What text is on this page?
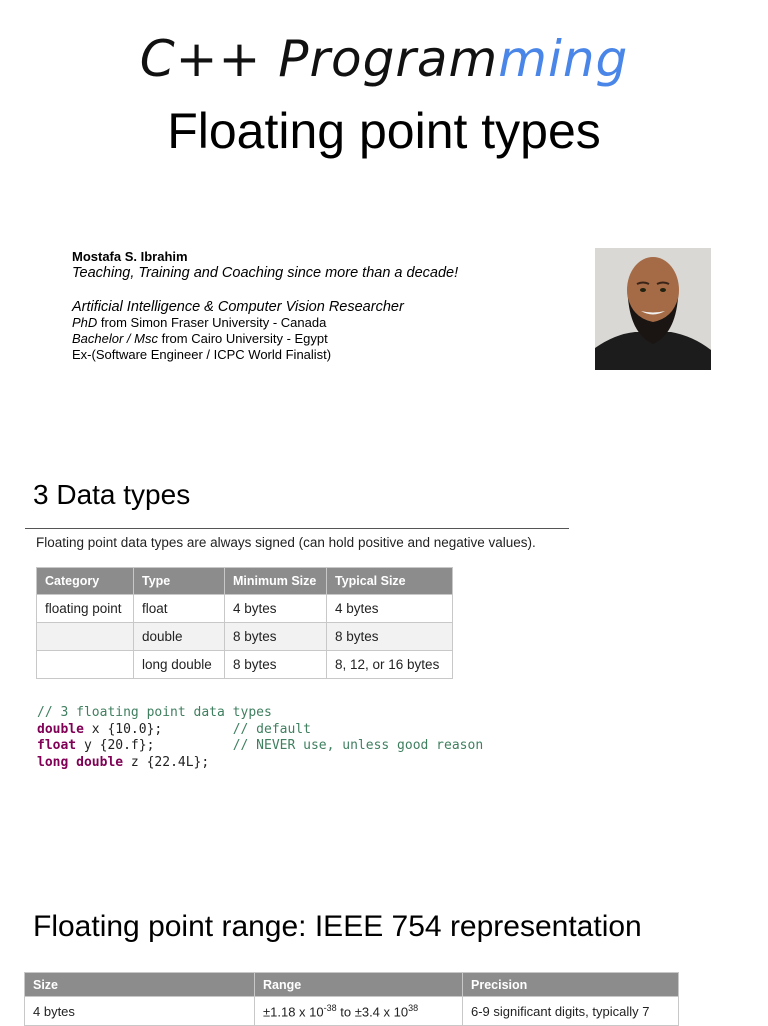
C++ Programming
Floating point types
Mostafa S. Ibrahim
Teaching, Training and Coaching since more than a decade!
Artificial Intelligence & Computer Vision Researcher
PhD from Simon Fraser University - Canada
Bachelor / Msc from Cairo University - Egypt
Ex-(Software Engineer / ICPC World Finalist)
3 Data types
Floating point data types are always signed (can hold positive and negative values).
Category	Type	Minimum Size	Typical Size
floating point	float	4 bytes	4 bytes
	double	8 bytes	8 bytes
	long double	8 bytes	8, 12, or 16 bytes
// 3 floating point data types
double x {10.0};         // default
float y {20.f};          // NEVER use, unless good reason
long double z {22.4L};
Floating point range: IEEE 754 representation
Size	Range	Precision
4 bytes	±1.18 x $10^{-38}$ to ±3.4 x $10^{38}$	6-9 significant digits, typically 7
